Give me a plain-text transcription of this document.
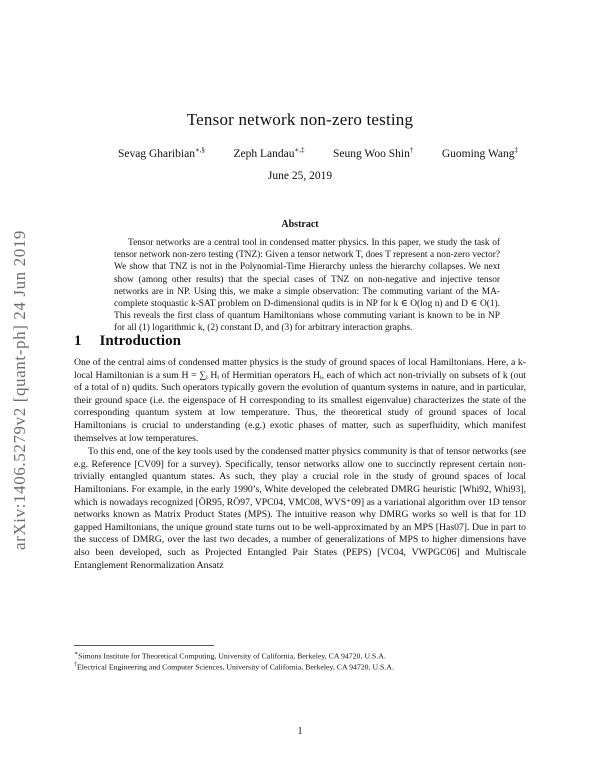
arXiv:1406.5279v2 [quant-ph] 24 Jun 2019
Tensor network non-zero testing
Sevag Gharibian∗,§ Zeph Landau∗,‡ Seung Woo Shin† Guoming Wang‡
June 25, 2019
Abstract
Tensor networks are a central tool in condensed matter physics. In this paper, we study the task of tensor network non-zero testing (TNZ): Given a tensor network T, does T represent a non-zero vector? We show that TNZ is not in the Polynomial-Time Hierarchy unless the hierarchy collapses. We next show (among other results) that the special cases of TNZ on non-negative and injective tensor networks are in NP. Using this, we make a simple observation: The commuting variant of the MA-complete stoquastic k-SAT problem on D-dimensional qudits is in NP for k ∈ O(log n) and D ∈ O(1). This reveals the first class of quantum Hamiltonians whose commuting variant is known to be in NP for all (1) logarithmic k, (2) constant D, and (3) for arbitrary interaction graphs.
1 Introduction

One of the central aims of condensed matter physics is the study of ground spaces of local Hamiltonians. Here, a k-local Hamiltonian is a sum H = ∑ᵢ Hᵢ of Hermitian operators Hᵢ, each of which act non-trivially on subsets of k (out of a total of n) qudits. Such operators typically govern the evolution of quantum systems in nature, and in particular, their ground space (i.e. the eigenspace of H corresponding to its smallest eigenvalue) characterizes the state of the corresponding quantum system at low temperature. Thus, the theoretical study of ground spaces of local Hamiltonians is crucial to understanding (e.g.) exotic phases of matter, such as superfluidity, which manifest themselves at low temperatures.

To this end, one of the key tools used by the condensed matter physics community is that of tensor networks (see e.g. Reference [CV09] for a survey). Specifically, tensor networks allow one to succinctly represent certain non-trivially entangled quantum states. As such, they play a crucial role in the study of ground spaces of local Hamiltonians. For example, in the early 1990’s, White developed the celebrated DMRG heuristic [Whi92, Whi93], which is nowadays recognized [ÖR95, RÖ97, VPC04, VMC08, WVS⁺09] as a variational algorithm over 1D tensor networks known as Matrix Product States (MPS). The intuitive reason why DMRG works so well is that for 1D gapped Hamiltonians, the unique ground state turns out to be well-approximated by an MPS [Has07]. Due in part to the success of DMRG, over the last two decades, a number of generalizations of MPS to higher dimensions have also been developed, such as Projected Entangled Pair States (PEPS) [VC04, VWPGC06] and Multiscale Entanglement Renormalization Ansatz

∗Simons Institute for Theoretical Computing, University of California, Berkeley, CA 94720, U.S.A.
†Electrical Engineering and Computer Sciences, University of California, Berkeley, CA 94720, U.S.A.
1
